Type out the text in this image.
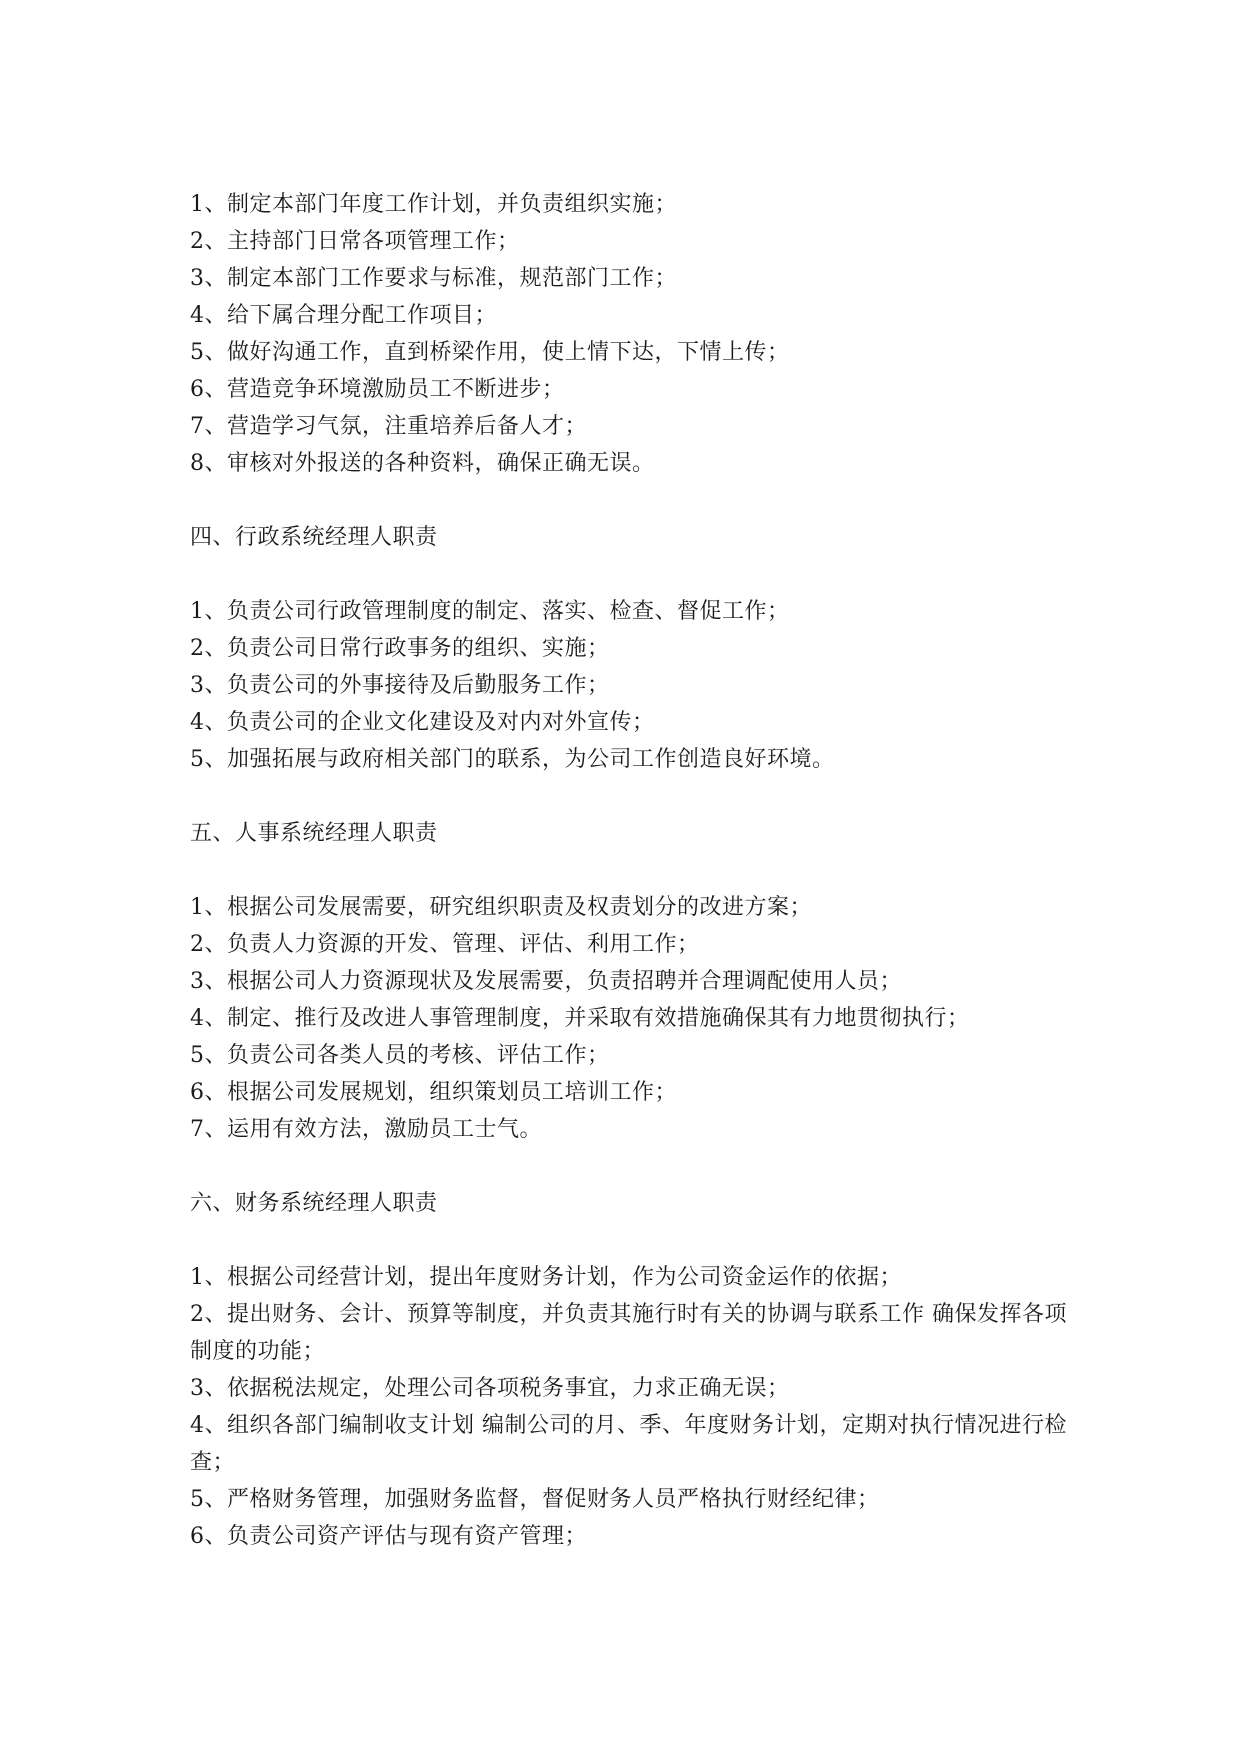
1、制定本部门年度工作计划，并负责组织实施；
2、主持部门日常各项管理工作；
3、制定本部门工作要求与标准，规范部门工作；
4、给下属合理分配工作项目；
5、做好沟通工作，直到桥梁作用，使上情下达，下情上传；
6、营造竞争环境激励员工不断进步；
7、营造学习气氛，注重培养后备人才；
8、审核对外报送的各种资料，确保正确无误。
四、行政系统经理人职责
1、负责公司行政管理制度的制定、落实、检查、督促工作；
2、负责公司日常行政事务的组织、实施；
3、负责公司的外事接待及后勤服务工作；
4、负责公司的企业文化建设及对内对外宣传；
5、加强拓展与政府相关部门的联系，为公司工作创造良好环境。
五、人事系统经理人职责
1、根据公司发展需要，研究组织职责及权责划分的改进方案；
2、负责人力资源的开发、管理、评估、利用工作；
3、根据公司人力资源现状及发展需要，负责招聘并合理调配使用人员；
4、制定、推行及改进人事管理制度，并采取有效措施确保其有力地贯彻执行；
5、负责公司各类人员的考核、评估工作；
6、根据公司发展规划，组织策划员工培训工作；
7、运用有效方法，激励员工士气。
六、财务系统经理人职责
1、根据公司经营计划，提出年度财务计划，作为公司资金运作的依据；
2、提出财务、会计、预算等制度，并负责其施行时有关的协调与联系工作 确保发挥各项制度的功能；
3、依据税法规定，处理公司各项税务事宜，力求正确无误；
4、组织各部门编制收支计划 编制公司的月、季、年度财务计划，定期对执行情况进行检查；
5、严格财务管理，加强财务监督，督促财务人员严格执行财经纪律；
6、负责公司资产评估与现有资产管理；
